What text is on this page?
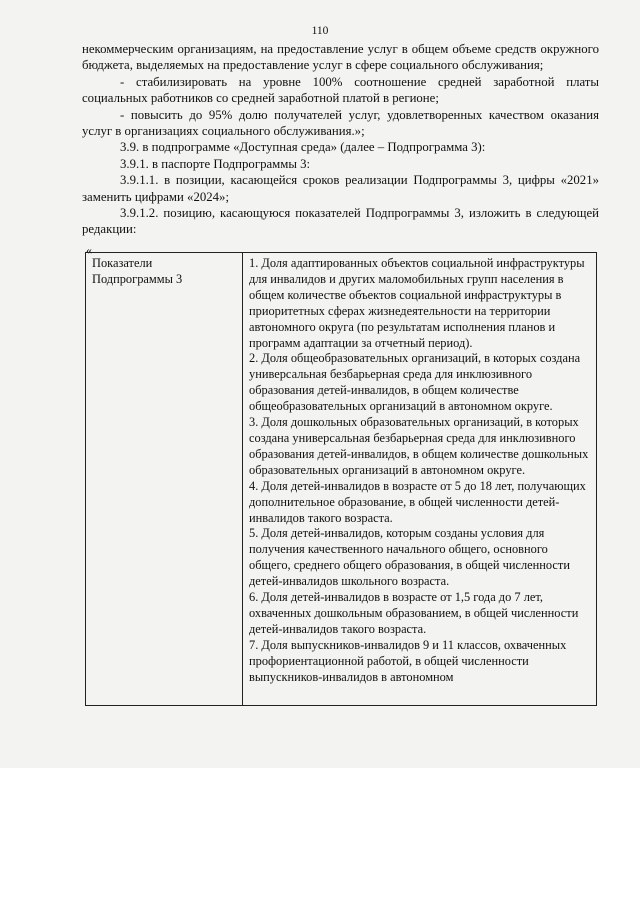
110

некоммерческим организациям, на предоставление услуг в общем объеме средств окружного бюджета, выделяемых на предоставление услуг в сфере социального обслуживания;

- стабилизировать на уровне 100% соотношение средней заработной платы социальных работников со средней заработной платой в регионе;

- повысить до 95% долю получателей услуг, удовлетворенных качеством оказания услуг в организациях социального обслуживания.»;

3.9. в подпрограмме «Доступная среда» (далее – Подпрограмма 3):

3.9.1. в паспорте Подпрограммы 3:

3.9.1.1. в позиции, касающейся сроков реализации Подпрограммы 3, цифры «2021» заменить цифрами «2024»;

3.9.1.2. позицию, касающуюся показателей Подпрограммы 3, изложить в следующей редакции:

«
Показатели Подпрограммы 3

1. Доля адаптированных объектов социальной инфраструктуры для инвалидов и других маломобильных групп населения в общем количестве объектов социальной инфраструктуры в приоритетных сферах жизнедеятельности на территории автономного округа (по результатам исполнения планов и программ адаптации за отчетный период).

2. Доля общеобразовательных организаций, в которых создана универсальная безбарьерная среда для инклюзивного образования детей-инвалидов, в общем количестве общеобразовательных организаций в автономном округе.

3. Доля дошкольных образовательных организаций, в которых создана универсальная безбарьерная среда для инклюзивного образования детей-инвалидов, в общем количестве дошкольных образовательных организаций в автономном округе.

4. Доля детей-инвалидов в возрасте от 5 до 18 лет, получающих дополнительное образование, в общей численности детей-инвалидов такого возраста.

5. Доля детей-инвалидов, которым созданы условия для получения качественного начального общего, основного общего, среднего общего образования, в общей численности детей-инвалидов школьного возраста.

6. Доля детей-инвалидов в возрасте от 1,5 года до 7 лет, охваченных дошкольным образованием, в общей численности детей-инвалидов такого возраста.

7. Доля выпускников-инвалидов 9 и 11 классов, охваченных профориентационной работой, в общей численности выпускников-инвалидов в автономном
